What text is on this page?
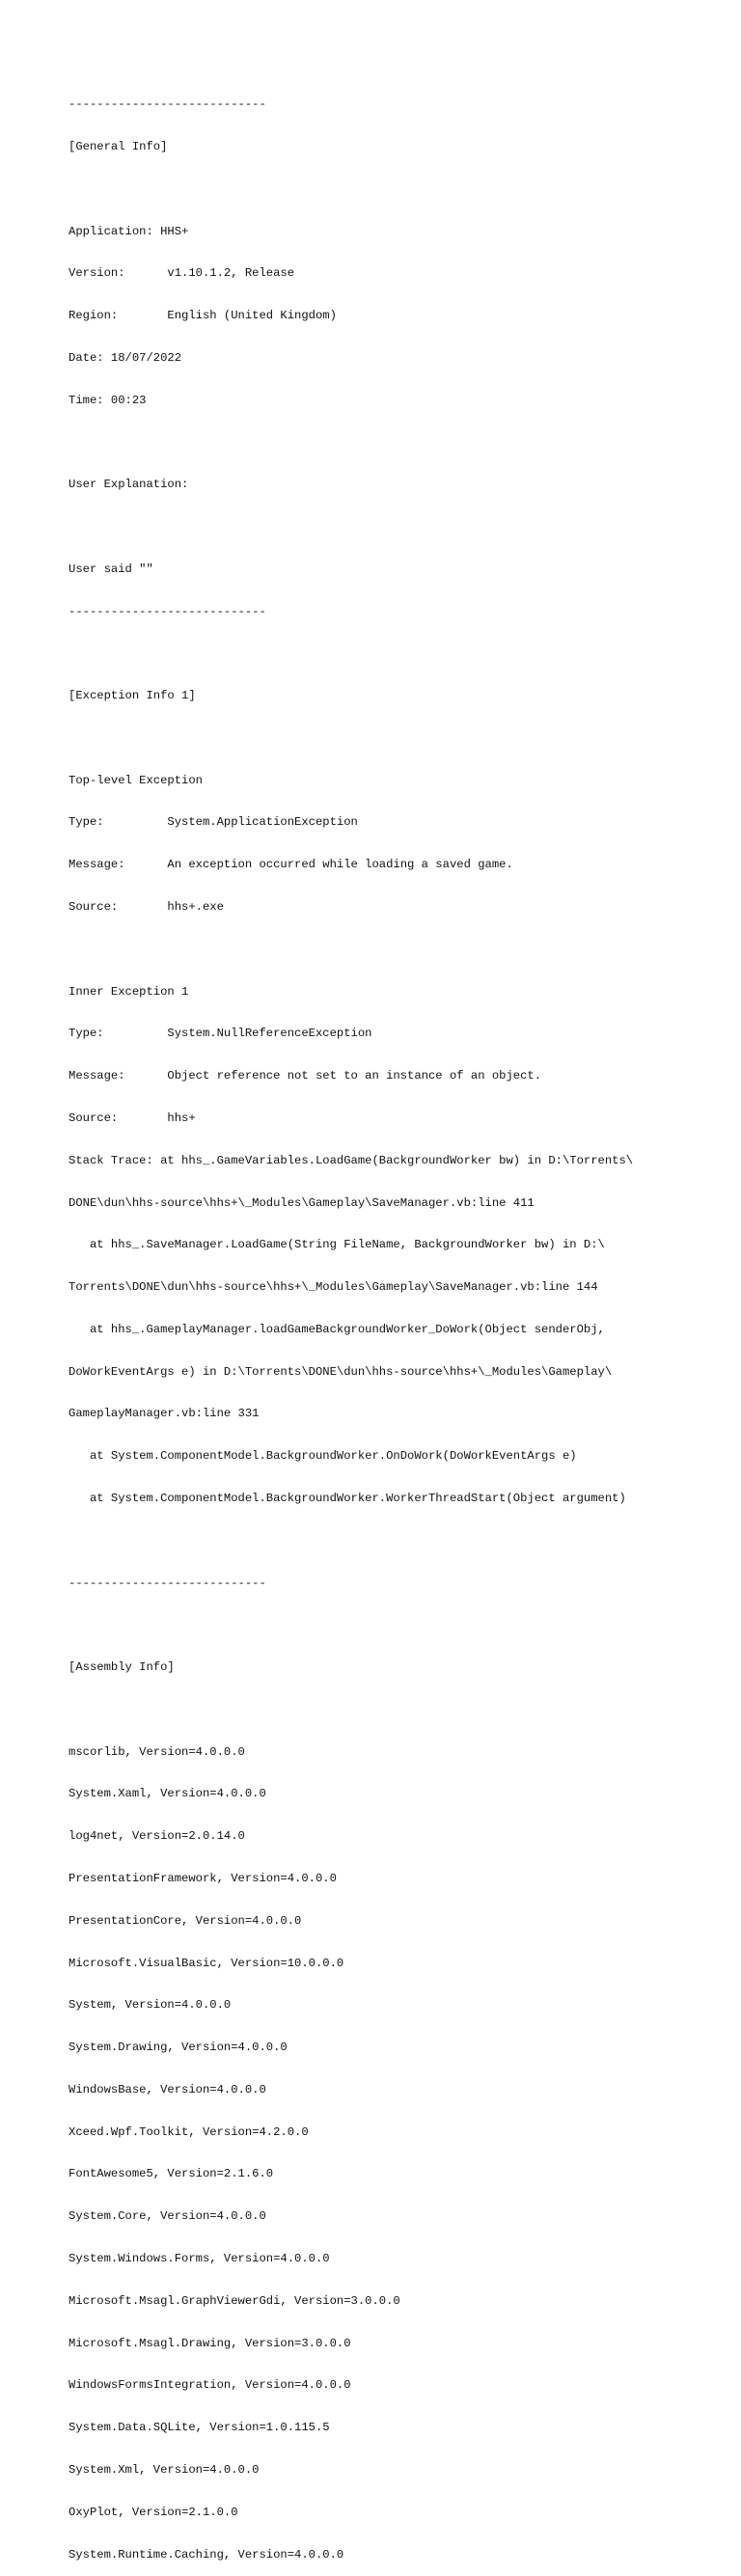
----------------------------

[General Info]

Application: HHS+

Version:      v1.10.1.2, Release

Region:       English (United Kingdom)

Date: 18/07/2022

Time: 00:23

User Explanation:

User said ""

----------------------------

[Exception Info 1]

Top-level Exception

Type:         System.ApplicationException

Message:      An exception occurred while loading a saved game.

Source:       hhs+.exe

Inner Exception 1

Type:         System.NullReferenceException

Message:      Object reference not set to an instance of an object.

Source:       hhs+

Stack Trace: at hhs_.GameVariables.LoadGame(BackgroundWorker bw) in D:\Torrents\

DONE\dun\hhs-source\hhs+\_Modules\Gameplay\SaveManager.vb:line 411

at hhs_.SaveManager.LoadGame(String FileName, BackgroundWorker bw) in D:\

Torrents\DONE\dun\hhs-source\hhs+\_Modules\Gameplay\SaveManager.vb:line 144

at hhs_.GameplayManager.loadGameBackgroundWorker_DoWork(Object senderObj,

DoWorkEventArgs e) in D:\Torrents\DONE\dun\hhs-source\hhs+\_Modules\Gameplay\

GameplayManager.vb:line 331

at System.ComponentModel.BackgroundWorker.OnDoWork(DoWorkEventArgs e)

at System.ComponentModel.BackgroundWorker.WorkerThreadStart(Object argument)

----------------------------

[Assembly Info]

mscorlib, Version=4.0.0.0

System.Xaml, Version=4.0.0.0

log4net, Version=2.0.14.0

PresentationFramework, Version=4.0.0.0

PresentationCore, Version=4.0.0.0

Microsoft.VisualBasic, Version=10.0.0.0

System, Version=4.0.0.0

System.Drawing, Version=4.0.0.0

WindowsBase, Version=4.0.0.0

Xceed.Wpf.Toolkit, Version=4.2.0.0

FontAwesome5, Version=2.1.6.0

System.Core, Version=4.0.0.0

System.Windows.Forms, Version=4.0.0.0

Microsoft.Msagl.GraphViewerGdi, Version=3.0.0.0

Microsoft.Msagl.Drawing, Version=3.0.0.0

WindowsFormsIntegration, Version=4.0.0.0

System.Data.SQLite, Version=1.0.115.5

System.Xml, Version=4.0.0.0

OxyPlot, Version=2.1.0.0

System.Runtime.Caching, Version=4.0.0.0
